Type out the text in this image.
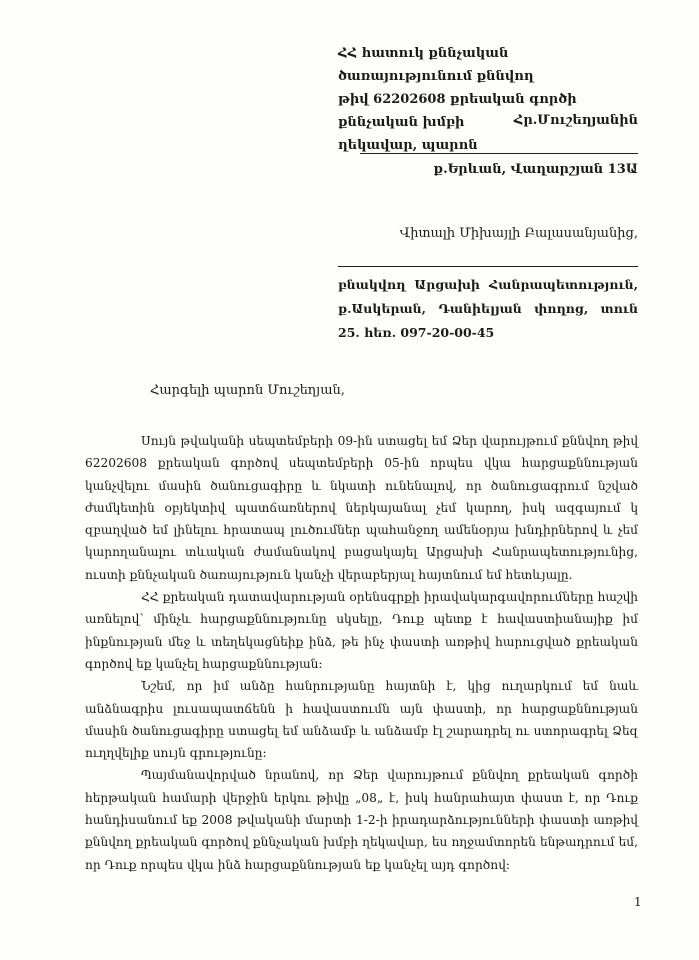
ՀՀ հատուկ քննչական ծառայությունում քննվող
թիվ 62202608 քրեական գործի քննչական խմբի
ղեկավար, պարոն
Հր.Մուշեղյանին
ք.Երևան, Վաղարշյան 13Ա
Վիտալի Միխայլի Բալասանյանից,
բնակվող Արցախի Հանրապետություն, ք.Ասկերան, Դանիելյան փողոց, տուն 25. հեռ. 097-20-00-45
Հարգելի պարոն Մուշեղյան,

Սույն թվականի սեպտեմբերի 09-ին ստացել եմ Ձեր վարույթում քննվող թիվ 62202608 քրեական գործով սեպտեմբերի 05-ին որպես վկա հարցաքննության կանչվելու մասին ծանուցագիրը և նկատի ունենալով, որ ծանուցագրում նշված ժամկետին օբյեկտիվ պատճառներով ներկայանալ չեմ կարող, իսկ ազգայում կ զբաղված եմ լինելու հրատապ լուծումներ պահանջող ամենօրյա խնդիրներով և չեմ կարողանալու տևական ժամանակով բացակայել Արցախի Հանրապետությունից, ուստի քննչական ծառայություն կանչի վերաբերյալ հայտնում եմ հետևյալը.

ՀՀ քրեական դատավարության օրենսգրքի իրավակարգավորումները հաշվի առնելով՝ մինչև հարցաքննությունը սկսելը, Դուք պետք է հավաստիանայիք իմ ինքնության մեջ և տեղեկացնեիք ինձ, թե ինչ փաստի առթիվ հարուցված քրեական գործով եք կանչել հարցաքննության:

Նշեմ, որ իմ անձը հանրությանը հայտնի է, կից ուղարկում եմ նաև անձնագրիս լուսապատճենն ի հավաստումն այն փաստի, որ հարցաքննության մասին ծանուցագիրը ստացել եմ անձամբ և անձամբ էլ շարադրել ու ստորագրել Ձեզ ուղղվելիք սույն գրությունը:

Պայմանավորված նրանով, որ Ձեր վարույթում քննվող քրեական գործի հերթական համարի վերջին երկու թիվը „08„ է, իսկ հանրահայտ փաստ է, որ Դուք հանդիսանում եք 2008 թվականի մարտի 1-2-ի իրադարձությունների փաստի առթիվ քննվող քրեական գործով քննչական խմբի ղեկավար, ես ողջամտորեն ենթադրում եմ, որ Դուք որպես վկա ինձ հարցաքննության եք կանչել այդ գործով:

1
